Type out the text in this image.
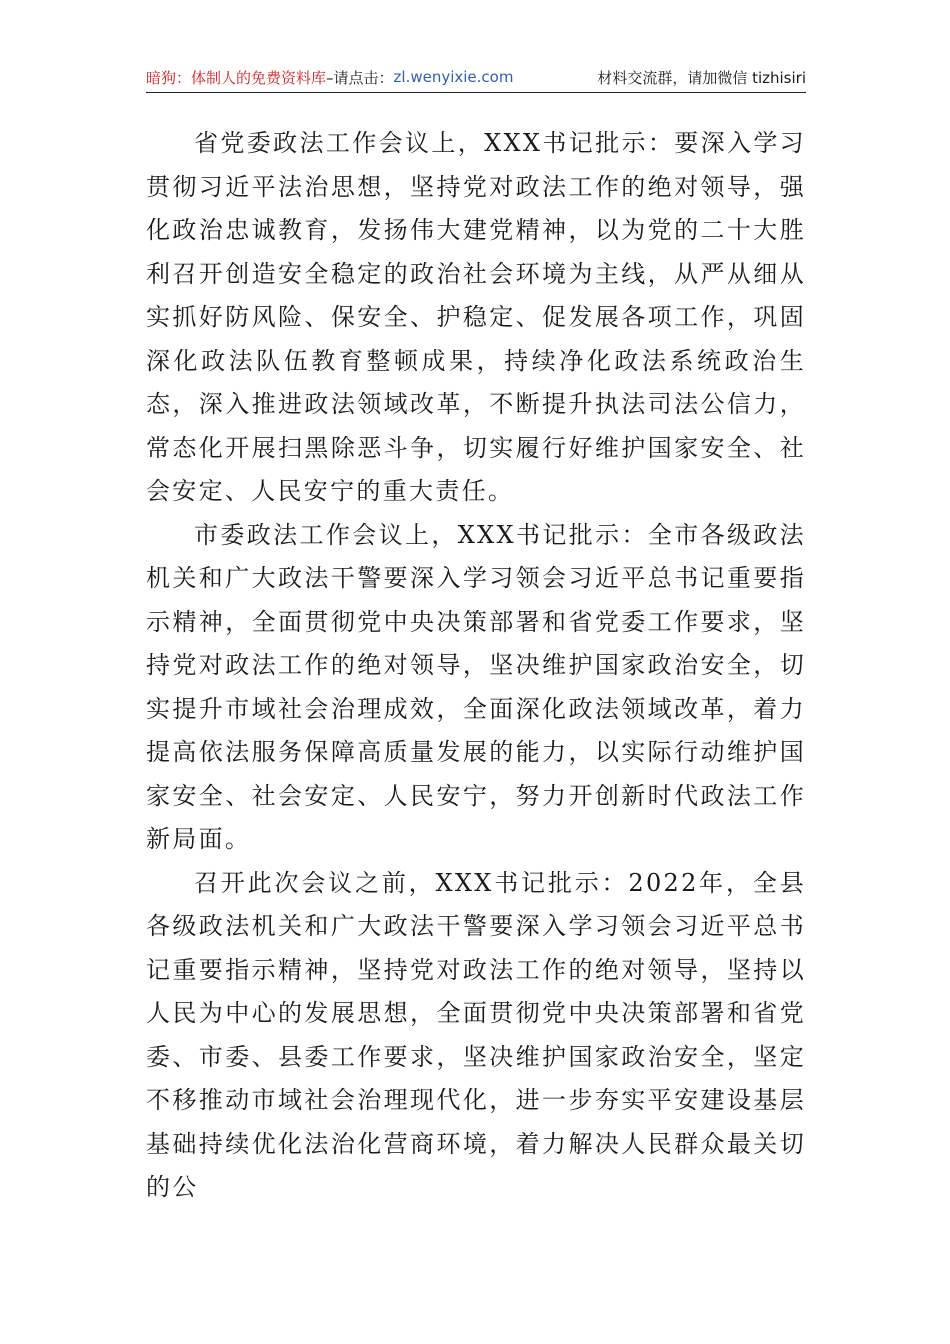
暗狗：体制人的免费资料库 –请点击： zl.wenyixie.com	材料交流群，请加微信 tizhisiri

省党委政法工作会议上，XXX书记批示：要深入学习贯彻习近平法治思想，坚持党对政法工作的绝对领导，强化政治忠诚教育，发扬伟大建党精神，以为党的二十大胜利召开创造安全稳定的政治社会环境为主线，从严从细从实抓好防风险、保安全、护稳定、促发展各项工作，巩固深化政法队伍教育整顿成果，持续净化政法系统政治生态，深入推进政法领域改革，不断提升执法司法公信力，常态化开展扫黑除恶斗争，切实履行好维护国家安全、社会安定、人民安宁的重大责任。

市委政法工作会议上，XXX书记批示：全市各级政法机关和广大政法干警要深入学习领会习近平总书记重要指示精神，全面贯彻党中央决策部署和省党委工作要求，坚持党对政法工作的绝对领导，坚决维护国家政治安全，切实提升市域社会治理成效，全面深化政法领域改革，着力提高依法服务保障高质量发展的能力，以实际行动维护国家安全、社会安定、人民安宁，努力开创新时代政法工作新局面。

召开此次会议之前，XXX书记批示：2022年，全县各级政法机关和广大政法干警要深入学习领会习近平总书记重要指示精神，坚持党对政法工作的绝对领导，坚持以人民为中心的发展思想，全面贯彻党中央决策部署和省党委、市委、县委工作要求，坚决维护国家政治安全，坚定不移推动市域社会治理现代化，进一步夯实平安建设基层基础持续优化法治化营商环境，着力解决人民群众最关切的公
